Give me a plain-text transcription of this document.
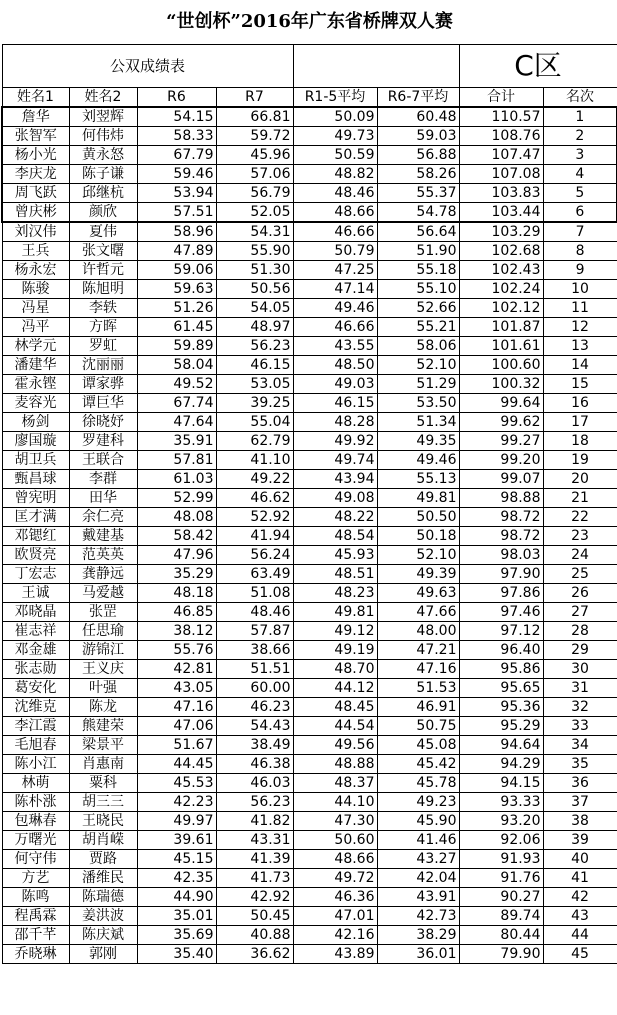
“世创杯”2016年广东省桥牌双人赛							
公双成绩表						C区	
姓名1	姓名2	R6	R7	R1-5平均	R6-7平均	合计	名次
詹华	刘翌辉	54.15	66.81	50.09	60.48	110.57	1
张智军	何伟炜	58.33	59.72	49.73	59.03	108.76	2
杨小光	黄永怒	67.79	45.96	50.59	56.88	107.47	3
李庆龙	陈子谦	59.46	57.06	48.82	58.26	107.08	4
周飞跃	邱继杭	53.94	56.79	48.46	55.37	103.83	5
曾庆彬	颜欣	57.51	52.05	48.66	54.78	103.44	6
刘汉伟	夏伟	58.96	54.31	46.66	56.64	103.29	7
王兵	张文曙	47.89	55.90	50.79	51.90	102.68	8
杨永宏	许哲元	59.06	51.30	47.25	55.18	102.43	9
陈骏	陈旭明	59.63	50.56	47.14	55.10	102.24	10
冯星	李轶	51.26	54.05	49.46	52.66	102.12	11
冯平	方晖	61.45	48.97	46.66	55.21	101.87	12
林学元	罗虹	59.89	56.23	43.55	58.06	101.61	13
潘建华	沈丽丽	58.04	46.15	48.50	52.10	100.60	14
霍永铿	谭家骅	49.52	53.05	49.03	51.29	100.32	15
麦容光	谭巨华	67.74	39.25	46.15	53.50	99.64	16
杨剑	徐晓妤	47.64	55.04	48.28	51.34	99.62	17
廖国璇	罗建科	35.91	62.79	49.92	49.35	99.27	18
胡卫兵	王联合	57.81	41.10	49.74	49.46	99.20	19
甄昌球	李群	61.03	49.22	43.94	55.13	99.07	20
曾宪明	田华	52.99	46.62	49.08	49.81	98.88	21
匡才满	余仁亮	48.08	52.92	48.22	50.50	98.72	22
邓锶红	戴建基	58.42	41.94	48.54	50.18	98.72	23
欧贤亮	范英英	47.96	56.24	45.93	52.10	98.03	24
丁宏志	龚静远	35.29	63.49	48.51	49.39	97.90	25
王诚	马爱越	48.18	51.08	48.23	49.63	97.86	26
邓晓晶	张罡	46.85	48.46	49.81	47.66	97.46	27
崔志祥	任思瑜	38.12	57.87	49.12	48.00	97.12	28
邓金雄	游锦江	55.76	38.66	49.19	47.21	96.40	29
张志勋	王义庆	42.81	51.51	48.70	47.16	95.86	30
葛安化	叶强	43.05	60.00	44.12	51.53	95.65	31
沈维克	陈龙	47.16	46.23	48.45	46.91	95.36	32
李江霞	熊建荣	47.06	54.43	44.54	50.75	95.29	33
毛旭春	梁景平	51.67	38.49	49.56	45.08	94.64	34
陈小江	肖惠南	44.45	46.38	48.88	45.42	94.29	35
林萌	粟科	45.53	46.03	48.37	45.78	94.15	36
陈朴涨	胡三三	42.23	56.23	44.10	49.23	93.33	37
包琳春	王晓民	49.97	41.82	47.30	45.90	93.20	38
万曙光	胡肖嵘	39.61	43.31	50.60	41.46	92.06	39
何守伟	贾路	45.15	41.39	48.66	43.27	91.93	40
方艺	潘维民	42.35	41.73	49.72	42.04	91.76	41
陈鸣	陈瑞德	44.90	42.92	46.36	43.91	90.27	42
程禹霖	姜洪波	35.01	50.45	47.01	42.73	89.74	43
邵千芊	陈庆斌	35.69	40.88	42.16	38.29	80.44	44
乔晓琳	郭刚	35.40	36.62	43.89	36.01	79.90	45
